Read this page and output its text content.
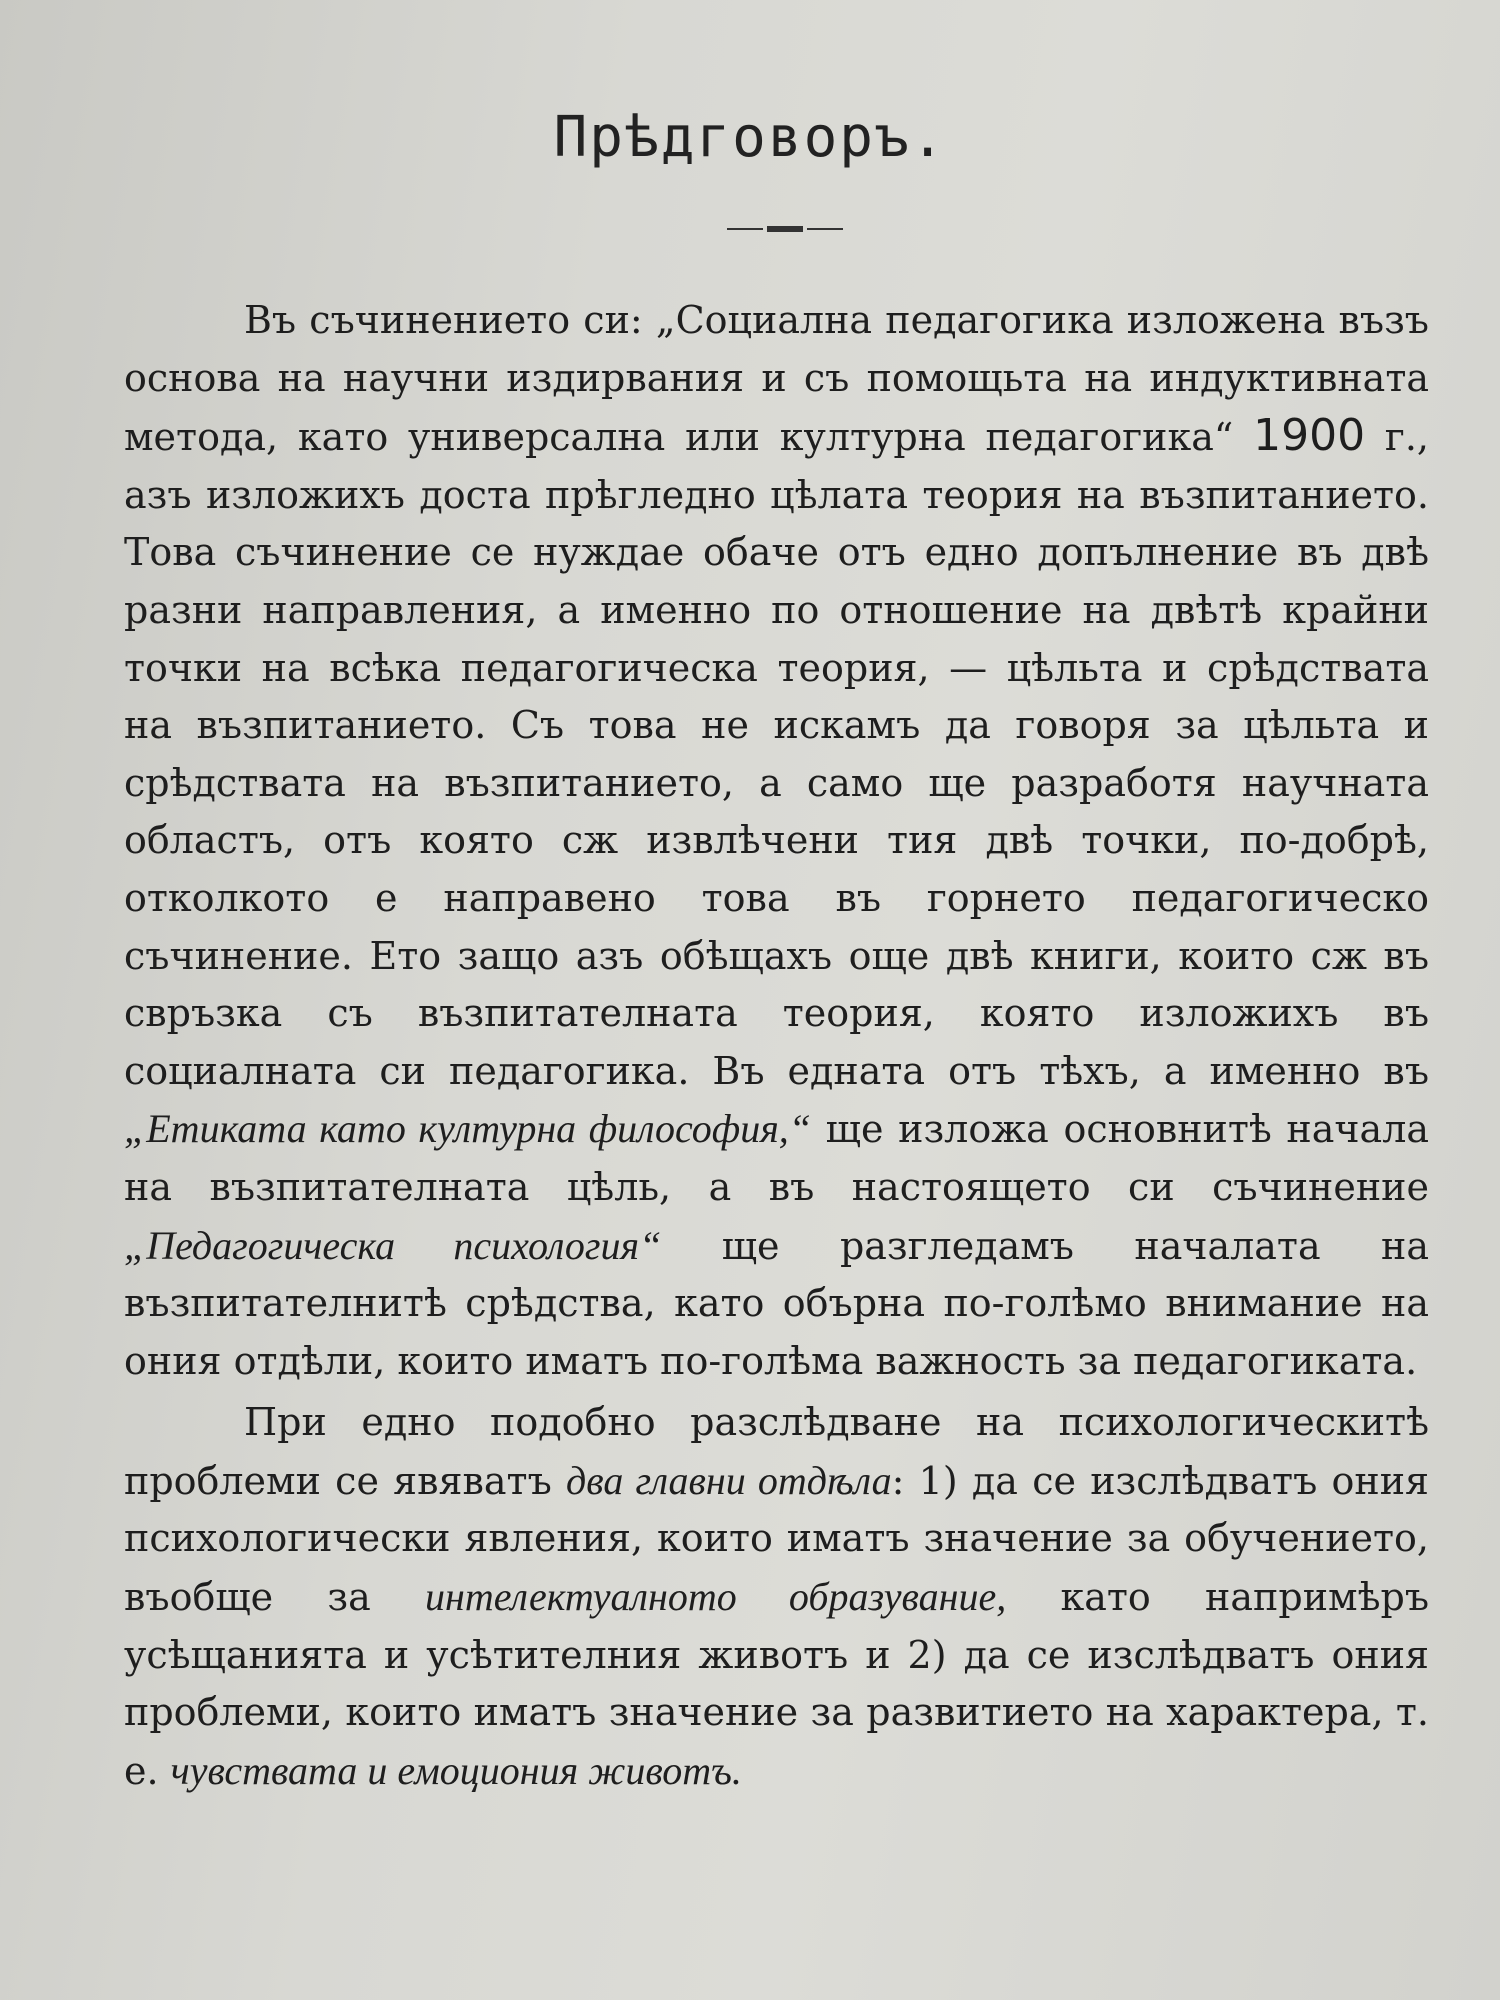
Прѣдговоръ.

Въ съчинението си: „Социална педагогика изложена възъ основа на научни издирвания и съ помощьта на индуктивната метода, като универсална или културна педагогика“ 1900 г., азъ изложихъ доста прѣгледно цѣлата теория на възпитанието. Това съчинение се нуждае обаче отъ едно допълнение въ двѣ разни направления, а именно по отношение на двѣтѣ крайни точки на всѣка педагогическа теория, — цѣльта и срѣдствата на възпитанието. Съ това не искамъ да говоря за цѣльта и срѣдствата на възпитанието, а само ще разработя научната областъ, отъ която сж извлѣчени тия двѣ точки, по-добрѣ, отколкото е направено това въ горнето педагогическо съчинение. Ето защо азъ обѣщахъ още двѣ книги, които сж въ свръзка съ възпитателната теория, която изложихъ въ социалната си педагогика. Въ едната отъ тѣхъ, а именно въ „Етиката като културна философия,“ ще изложа основнитѣ начала на възпитателната цѣль, а въ настоящето си съчинение „Педагогическа психология“ ще разгледамъ началата на възпитателнитѣ срѣдства, като обърна по-голѣмо внимание на ония отдѣли, които иматъ по-голѣма важность за педагогиката.

При едно подобно разслѣдване на психологическитѣ проблеми се явяватъ два главни отдѣла: 1) да се изслѣдватъ ония психологически явления, които иматъ значение за обучението, въобще за интелектуалното образувание, като напримѣръ усѣщанията и усѣтителния животъ и 2) да се изслѣдватъ ония проблеми, които иматъ значение за развитието на характера, т. е. чувствата и емоциония животъ.
